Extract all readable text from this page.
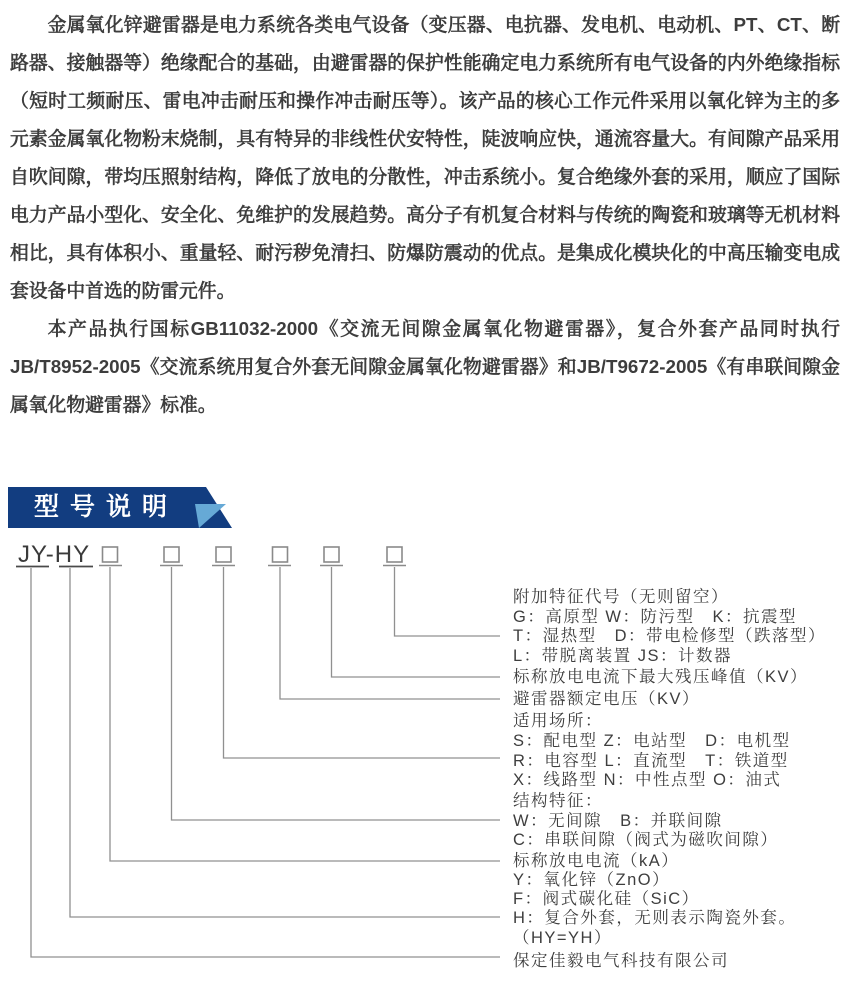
金属氧化锌避雷器是电力系统各类电气设备（变压器、电抗器、发电机、电动机、PT、CT、断路器、接触器等）绝缘配合的基础，由避雷器的保护性能确定电力系统所有电气设备的内外绝缘指标（短时工频耐压、雷电冲击耐压和操作冲击耐压等）。该产品的核心工作元件采用以氧化锌为主的多元素金属氧化物粉末烧制，具有特异的非线性伏安特性，陡波响应快，通流容量大。有间隙产品采用自吹间隙，带均压照射结构，降低了放电的分散性，冲击系统小。复合绝缘外套的采用，顺应了国际电力产品小型化、安全化、免维护的发展趋势。高分子有机复合材料与传统的陶瓷和玻璃等无机材料相比，具有体积小、重量轻、耐污秽免清扫、防爆防震动的优点。是集成化模块化的中高压输变电成套设备中首选的防雷元件。

本产品执行国标GB11032-2000《交流无间隙金属氧化物避雷器》，复合外套产品同时执行JB/T8952-2005《交流系统用复合外套无间隙金属氧化物避雷器》和JB/T9672-2005《有串联间隙金属氧化物避雷器》标准。

型号说明
JY-HY
附加特征代号（无则留空）
G：高原型 W：防污型　K：抗震型
T：湿热型　D：带电检修型（跌落型）
L：带脱离装置 JS：计数器
标称放电电流下最大残压峰值（KV）
避雷器额定电压（KV）
适用场所：
S：配电型 Z：电站型　D：电机型
R：电容型 L：直流型　T：铁道型
X：线路型 N：中性点型 O：油式
结构特征：
W：无间隙　B：并联间隙
C：串联间隙（阀式为磁吹间隙）
标称放电电流（kA）
Y：氧化锌（ZnO）
F：阀式碳化硅（SiC）
H：复合外套，无则表示陶瓷外套。
（HY=YH）
保定佳毅电气科技有限公司
